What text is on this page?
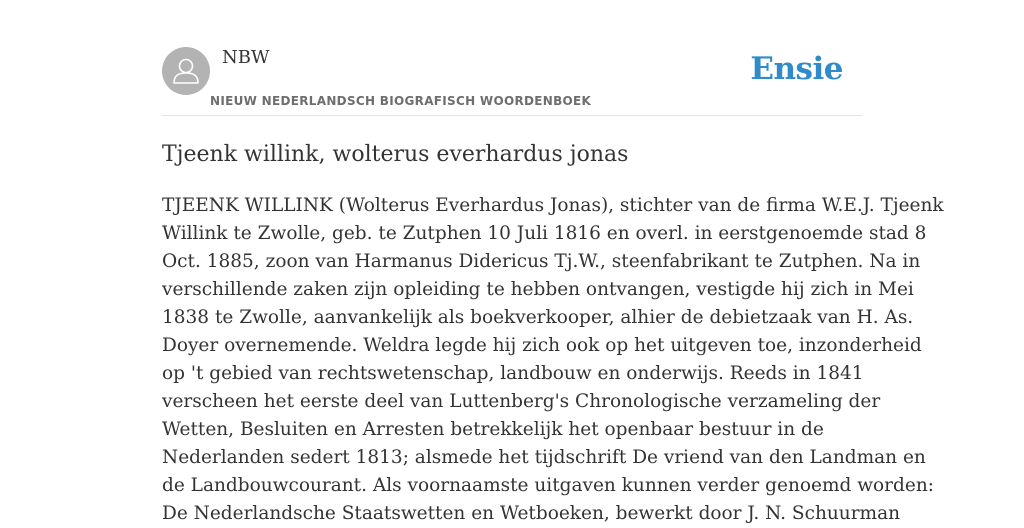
NBW
NIEUW NEDERLANDSCH BIOGRAFISCH WOORDENBOEK
Ensie
Tjeenk willink, wolterus everhardus jonas
TJEENK WILLINK (Wolterus Everhardus Jonas), stichter van de firma W.E.J. Tjeenk
Willink te Zwolle, geb. te Zutphen 10 Juli 1816 en overl. in eerstgenoemde stad 8
Oct. 1885, zoon van Harmanus Didericus Tj.W., steenfabrikant te Zutphen. Na in
verschillende zaken zijn opleiding te hebben ontvangen, vestigde hij zich in Mei
1838 te Zwolle, aanvankelijk als boekverkooper, alhier de debietzaak van H. As.
Doyer overnemende. Weldra legde hij zich ook op het uitgeven toe, inzonderheid
op 't gebied van rechtswetenschap, landbouw en onderwijs. Reeds in 1841
verscheen het eerste deel van Luttenberg's Chronologische verzameling der
Wetten, Besluiten en Arresten betrekkelijk het openbaar bestuur in de
Nederlanden sedert 1813; alsmede het tijdschrift De vriend van den Landman en
de Landbouwcourant. Als voornaamste uitgaven kunnen verder genoemd worden:
De Nederlandsche Staatswetten en Wetboeken, bewerkt door J. N. Schuurman
